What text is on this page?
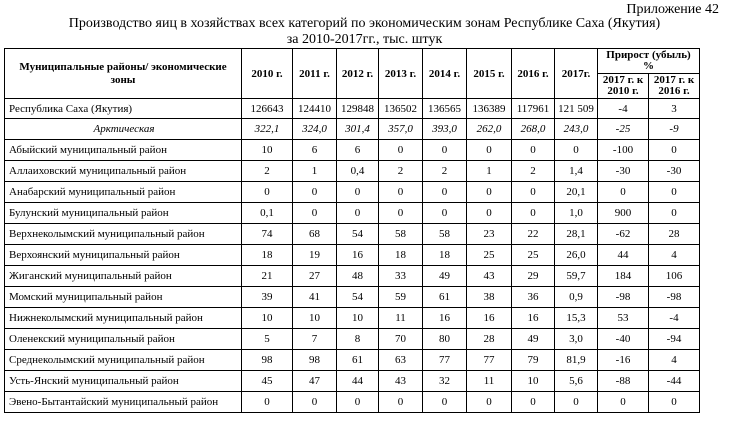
Приложение 42
Производство яиц в хозяйствах всех категорий по экономическим зонам Республике Саха (Якутия)
за 2010-2017гг., тыс. штук
Муниципальные районы/ экономические зоны	2010 г.	2011 г.	2012 г.	2013 г.	2014 г.	2015 г.	2016 г.	2017г.	Прирост (убыль) %	
									2017 г. к 2010 г.	2017 г. к 2016 г.
Республика Саха (Якутия)	126643	124410	129848	136502	136565	136389	117961	121 509	-4	3
Арктическая	322,1	324,0	301,4	357,0	393,0	262,0	268,0	243,0	-25	-9
Абыйский муниципальный район	10	6	6	0	0	0	0	0	-100	0
Аллаиховский муниципальный район	2	1	0,4	2	2	1	2	1,4	-30	-30
Анабарский муниципальный район	0	0	0	0	0	0	0	20,1	0	0
Булунский муниципальный район	0,1	0	0	0	0	0	0	1,0	900	0
Верхнеколымский муниципальный район	74	68	54	58	58	23	22	28,1	-62	28
Верхоянский муниципальный район	18	19	16	18	18	25	25	26,0	44	4
Жиганский муниципальный район	21	27	48	33	49	43	29	59,7	184	106
Момский муниципальный район	39	41	54	59	61	38	36	0,9	-98	-98
Нижнеколымский муниципальный район	10	10	10	11	16	16	16	15,3	53	-4
Оленекский муниципальный район	5	7	8	70	80	28	49	3,0	-40	-94
Среднеколымский муниципальный район	98	98	61	63	77	77	79	81,9	-16	4
Усть-Янский муниципальный район	45	47	44	43	32	11	10	5,6	-88	-44
Эвено-Бытантайский муниципальный район	0	0	0	0	0	0	0	0	0	0
